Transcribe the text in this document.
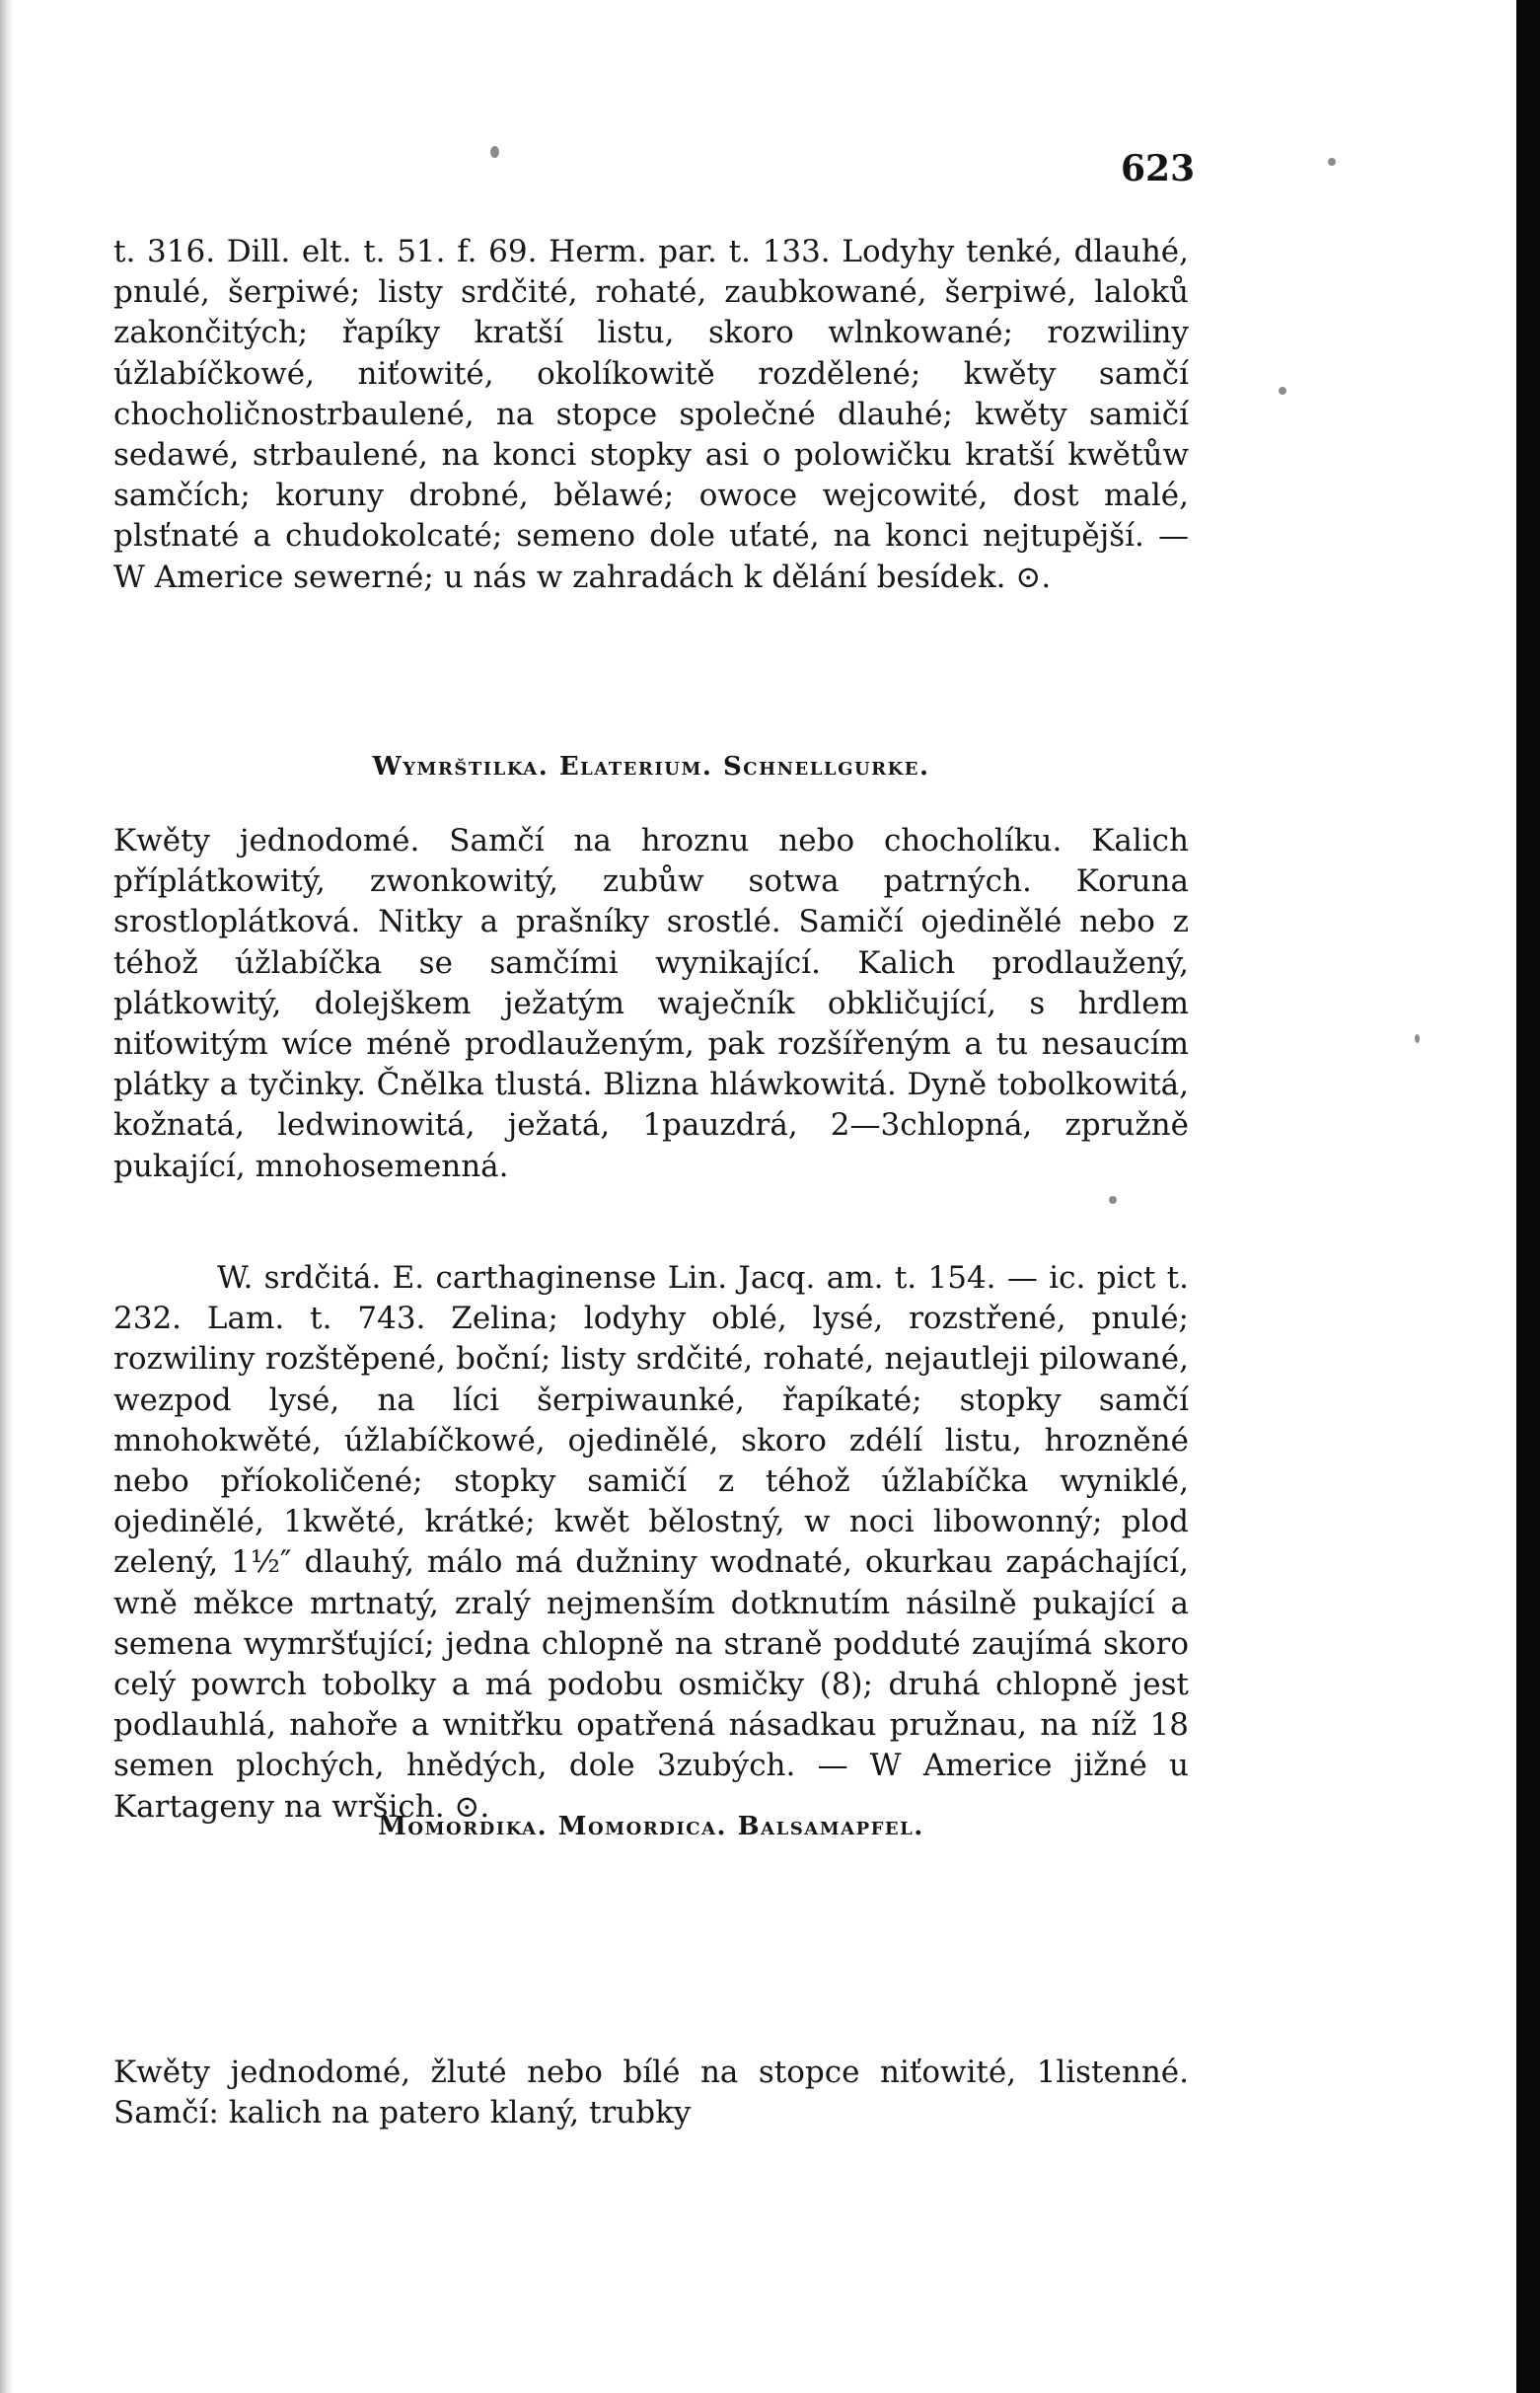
623
t. 316. Dill. elt. t. 51. f. 69. Herm. par. t. 133. Lodyhy tenké, dlauhé, pnulé, šerpiwé; listy srdčité, rohaté, zaubkowané, šerpiwé, laloků zakončitých; řapíky kratší listu, skoro wlnkowané; rozwiliny úžlabíčkowé, niťowité, okolíkowitě rozdělené; kwěty samčí chocholičnostrbaulené, na stopce společné dlauhé; kwěty samičí sedawé, strbaulené, na konci stopky asi o polowičku kratší kwětůw samčích; koruny drobné, bělawé; owoce wejcowité, dost malé, plsťnaté a chudokolcaté; semeno dole uťaté, na konci nejtupější. — W Americe sewerné; u nás w zahradách k dělání besídek. ⊙.
Wymrštilka. Elaterium. Schnellgurke.
Kwěty jednodomé. Samčí na hroznu nebo chocholíku. Kalich příplátkowitý, zwonkowitý, zubůw sotwa patrných. Koruna srostloplátková. Nitky a prašníky srostlé. Samičí ojedinělé nebo z téhož úžlabíčka se samčími wynikající. Kalich prodlaužený, plátkowitý, dolejškem ježatým waječník obkličující, s hrdlem niťowitým wíce méně prodlauženým, pak rozšířeným a tu nesaucím plátky a tyčinky. Čnělka tlustá. Blizna hláwkowitá. Dyně tobolkowitá, kožnatá, ledwinowitá, ježatá, 1pauzdrá, 2—3chlopná, zpružně pukající, mnohosemenná.
W. srdčitá. E. carthaginense Lin. Jacq. am. t. 154. — ic. pict t. 232. Lam. t. 743. Zelina; lodyhy oblé, lysé, rozstřené, pnulé; rozwiliny rozštěpené, boční; listy srdčité, rohaté, nejautleji pilowané, wezpod lysé, na líci šerpiwaunké, řapíkaté; stopky samčí mnohokwěté, úžlabíčkowé, ojedinělé, skoro zdélí listu, hrozněné nebo příokoličené; stopky samičí z téhož úžlabíčka wyniklé, ojedinělé, 1kwěté, krátké; kwět bělostný, w noci libowonný; plod zelený, 1½″ dlauhý, málo má dužniny wodnaté, okurkau zapáchající, wně měkce mrtnatý, zralý nejmenším dotknutím násilně pukající a semena wymršťující; jedna chlopně na straně podduté zaujímá skoro celý powrch tobolky a má podobu osmičky (8); druhá chlopně jest podlauhlá, nahoře a wnitřku opatřená násadkau pružnau, na níž 18 semen plochých, hnědých, dole 3zubých. — W Americe jižné u Kartageny na wršich. ⊙.
Momordika. Momordica. Balsamapfel.
Kwěty jednodomé, žluté nebo bílé na stopce niťowité, 1listenné. Samčí: kalich na patero klaný, trubky
